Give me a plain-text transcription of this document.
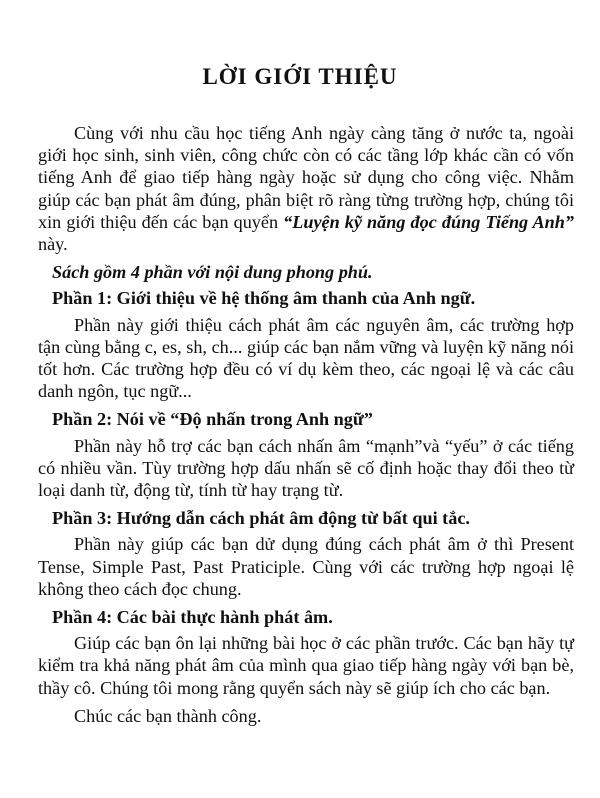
LỜI GIỚI THIỆU

Cùng với nhu cầu học tiếng Anh ngày càng tăng ở nước ta, ngoài giới học sinh, sinh viên, công chức còn có các tầng lớp khác cần có vốn tiếng Anh để giao tiếp hàng ngày hoặc sử dụng cho công việc. Nhằm giúp các bạn phát âm đúng, phân biệt rõ ràng từng trường hợp, chúng tôi xin giới thiệu đến các bạn quyển “Luyện kỹ năng đọc đúng Tiếng Anh” này.

Sách gồm 4 phần với nội dung phong phú.

Phần 1: Giới thiệu về hệ thống âm thanh của Anh ngữ.

Phần này giới thiệu cách phát âm các nguyên âm, các trường hợp tận cùng bằng c, es, sh, ch... giúp các bạn nắm vững và luyện kỹ năng nói tốt hơn. Các trường hợp đều có ví dụ kèm theo, các ngoại lệ và các câu danh ngôn, tục ngữ...

Phần 2: Nói về “Độ nhấn trong Anh ngữ”

Phần này hỗ trợ các bạn cách nhấn âm “mạnh”và “yếu” ở các tiếng có nhiều vần. Tùy trường hợp dấu nhấn sẽ cố định hoặc thay đổi theo từ loại danh từ, động từ, tính từ hay trạng từ.

Phần 3: Hướng dẫn cách phát âm động từ bất qui tắc.

Phần này giúp các bạn dử dụng đúng cách phát âm ở thì Present Tense, Simple Past, Past Praticiple. Cùng với các trường hợp ngoại lệ không theo cách đọc chung.

Phần 4: Các bài thực hành phát âm.

Giúp các bạn ôn lại những bài học ở các phần trước. Các bạn hãy tự kiểm tra khả năng phát âm của mình qua giao tiếp hàng ngày với bạn bè, thầy cô. Chúng tôi mong rằng quyển sách này sẽ giúp ích cho các bạn.

Chúc các bạn thành công.
